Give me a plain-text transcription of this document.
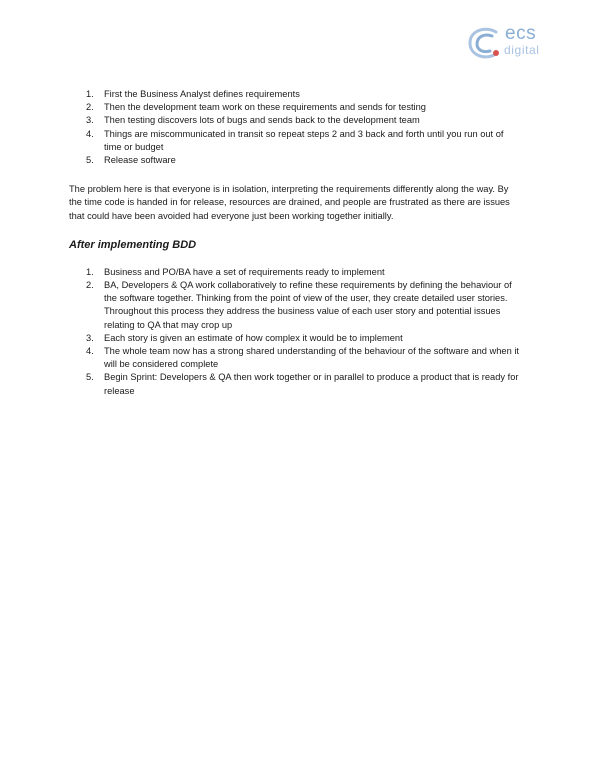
ecs
digital
1. First the Business Analyst defines requirements
2. Then the development team work on these requirements and sends for testing
3. Then testing discovers lots of bugs and sends back to the development team
4. Things are miscommunicated in transit so repeat steps 2 and 3 back and forth until you run out of time or budget
5. Release software

The problem here is that everyone is in isolation, interpreting the requirements differently along the way. By the time code is handed in for release, resources are drained, and people are frustrated as there are issues that could have been avoided had everyone just been working together initially.

After implementing BDD
1. Business and PO/BA have a set of requirements ready to implement
2. BA, Developers & QA work collaboratively to refine these requirements by defining the behaviour of the software together. Thinking from the point of view of the user, they create detailed user stories. Throughout this process they address the business value of each user story and potential issues relating to QA that may crop up
3. Each story is given an estimate of how complex it would be to implement
4. The whole team now has a strong shared understanding of the behaviour of the software and when it will be considered complete
5. Begin Sprint: Developers & QA then work together or in parallel to produce a product that is ready for release
